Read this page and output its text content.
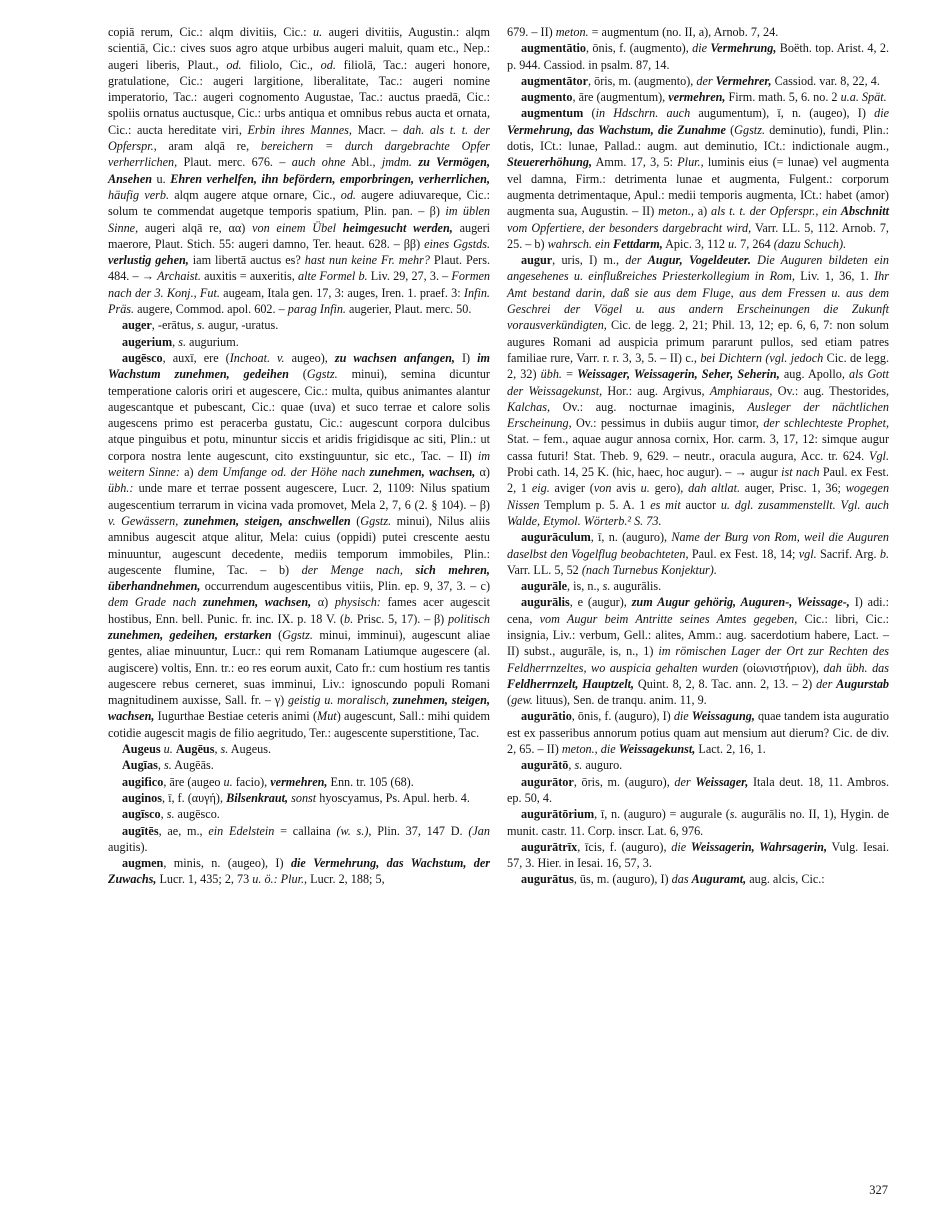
copiā rerum, Cic.: alqm divitiis, Cic.: u. augeri divitiis, Augustin.: alqm scientiā, Cic.: cives suos agro atque urbibus augeri maluit, quam etc., Nep.: augeri liberis, Plaut., od. filiolo, Cic., od. filiolā, Tac.: augeri honore, gratulatione, Cic.: augeri largitione, liberalitate, Tac.: augeri nomine imperatorio, Tac.: augeri cognomento Augustae, Tac.: auctus praedā, Cic.: spoliis ornatus auctusque, Cic.: urbs antiqua et omnibus rebus aucta et ornata, Cic.: aucta hereditate viri, Erbin ihres Mannes, Macr. – dah. als t. t. der Opferspr., aram alqā re, bereichern = durch dargebrachte Opfer verherrlichen, Plaut. merc. 676. – auch ohne Abl., jmdm. zu Vermögen, Ansehen u. Ehren verhelfen, ihn befördern, emporbringen, verherrlichen, häufig verb. alqm augere atque ornare, Cic., od. augere adiuvareque, Cic.: solum te commendat augetque temporis spatium, Plin. pan. – β) im üblen Sinne, augeri alqā re, αα) von einem Übel heimgesucht werden, augeri maerore, Plaut. Stich. 55: augeri damno, Ter. heaut. 628. – ββ) eines Ggstds. verlustig gehen, iam libertā auctus es? hast nun keine Fr. mehr? Plaut. Pers. 484. – → Archaist. auxitis = auxeritis, alte Formel b. Liv. 29, 27, 3. – Formen nach der 3. Konj., Fut. augeam, Itala gen. 17, 3: auges, Iren. 1. praef. 3: Infin. Präs. augere, Commod. apol. 602. – parag Infin. augerier, Plaut. merc. 50.

auger, -erātus, s. augur, -uratus.

augerium, s. augurium.

augēsco, auxī, ere (Inchoat. v. augeo), zu wachsen anfangen, I) im Wachstum zunehmen, gedeihen (Ggstz. minui), semina dicuntur temperatione caloris oriri et augescere, Cic.: multa, quibus animantes alantur augescantque et pubescant, Cic.: quae (uva) et suco terrae et calore solis augescens primo est peracerba gustatu, Cic.: augescunt corpora dulcibus atque pinguibus et potu, minuntur siccis et aridis frigidisque ac siti, Plin.: ut corpora nostra lente augescunt, cito exstinguuntur, sic etc., Tac. – II) im weitern Sinne: a) dem Umfange od. der Höhe nach zunehmen, wachsen, α) übh.: unde mare et terrae possent augescere, Lucr. 2, 1109: Nilus spatium augescentium terrarum in vicina vada promovet, Mela 2, 7, 6 (2. § 104). – β) v. Gewässern, zunehmen, steigen, anschwellen (Ggstz. minui), Nilus aliis amnibus augescit atque alitur, Mela: cuius (oppidi) putei crescente aestu minuuntur, augescunt decedente, mediis temporum immobiles, Plin.: augescente flumine, Tac. – b) der Menge nach, sich mehren, überhandnehmen, occurrendum augescentibus vitiis, Plin. ep. 9, 37, 3. – c) dem Grade nach zunehmen, wachsen, α) physisch: fames acer augescit hostibus, Enn. bell. Punic. fr. inc. IX. p. 18 V. (b. Prisc. 5, 17). – β) politisch zunehmen, gedeihen, erstarken (Ggstz. minui, imminui), augescunt aliae gentes, aliae minuuntur, Lucr.: qui rem Romanam Latiumque augescere (al. augiscere) voltis, Enn. tr.: eo res eorum auxit, Cato fr.: cum hostium res tantis augescere rebus cerneret, suas imminui, Liv.: ignoscundo populi Romani magnitudinem auxisse, Sall. fr. – γ) geistig u. moralisch, zunehmen, steigen, wachsen, Iugurthae Bestiae ceteris animi (Mut) augescunt, Sall.: mihi quidem cotidie augescit magis de filio aegritudo, Ter.: augescente superstitione, Tac.

Augeus u. Augēus, s. Augeus.

Augīas, s. Augēās.

augifico, āre (augeo u. facio), vermehren, Enn. tr. 105 (68).

auginos, ī, f. (αυγή), Bilsenkraut, sonst hyoscyamus, Ps. Apul. herb. 4.

augīsco, s. augēsco.

augītēs, ae, m., ein Edelstein = callaina (w. s.), Plin. 37, 147 D. (Jan augitis).

augmen, minis, n. (augeo), I) die Vermehrung, das Wachstum, der Zuwachs, Lucr. 1, 435; 2, 73 u. ö.: Plur., Lucr. 2, 188; 5,

679. – II) meton. = augmentum (no. II, a), Arnob. 7, 24.

augmentātio, ōnis, f. (augmento), die Vermehrung, Boëth. top. Arist. 4, 2. p. 944. Cassiod. in psalm. 87, 14.

augmentātor, ōris, m. (augmento), der Vermehrer, Cassiod. var. 8, 22, 4.

augmento, āre (augmentum), vermehren, Firm. math. 5, 6. no. 2 u.a. Spät.

augmentum (in Hdschrn. auch augumentum), ī, n. (augeo), I) die Vermehrung, das Wachstum, die Zunahme (Ggstz. deminutio), fundi, Plin.: dotis, ICt.: lunae, Pallad.: augm. aut deminutio, ICt.: indictionale augm., Steuererhöhung, Amm. 17, 3, 5: Plur., luminis eius (= lunae) vel augmenta vel damna, Firm.: detrimenta lunae et augmenta, Fulgent.: corporum augmenta detrimentaque, Apul.: medii temporis augmenta, ICt.: habet (amor) augmenta sua, Augustin. – II) meton., a) als t. t. der Opferspr., ein Abschnitt vom Opfertiere, der besonders dargebracht wird, Varr. LL. 5, 112. Arnob. 7, 25. – b) wahrsch. ein Fettdarm, Apic. 3, 112 u. 7, 264 (dazu Schuch).

augur, uris, I) m., der Augur, Vogeldeuter. Die Auguren bildeten ein angesehenes u. einflußreiches Priesterkollegium in Rom, Liv. 1, 36, 1. Ihr Amt bestand darin, daß sie aus dem Fluge, aus dem Fressen u. aus dem Geschrei der Vögel u. aus andern Erscheinungen die Zukunft vorausverkündigten, Cic. de legg. 2, 21; Phil. 13, 12; ep. 6, 6, 7: non solum augures Romani ad auspicia primum pararunt pullos, sed etiam patres familiae rure, Varr. r. r. 3, 3, 5. – II) c., bei Dichtern (vgl. jedoch Cic. de legg. 2, 32) übh. = Weissager, Weissagerin, Seher, Seherin, aug. Apollo, als Gott der Weissagekunst, Hor.: aug. Argivus, Amphiaraus, Ov.: aug. Thestorides, Kalchas, Ov.: aug. nocturnae imaginis, Ausleger der nächtlichen Erscheinung, Ov.: pessimus in dubiis augur timor, der schlechteste Prophet, Stat. – fem., aquae augur annosa cornix, Hor. carm. 3, 17, 12: simque augur cassa futuri! Stat. Theb. 9, 629. – neutr., oracula augura, Acc. tr. 624. Vgl. Probi cath. 14, 25 K. (hic, haec, hoc augur). – → augur ist nach Paul. ex Fest. 2, 1 eig. aviger (von avis u. gero), dah altlat. auger, Prisc. 1, 36; wogegen Nissen Templum p. 5. A. 1 es mit auctor u. dgl. zusammenstellt. Vgl. auch Walde, Etymol. Wörterb.² S. 73.

augurāculum, ī, n. (auguro), Name der Burg von Rom, weil die Auguren daselbst den Vogelflug beobachteten, Paul. ex Fest. 18, 14; vgl. Sacrif. Arg. b. Varr. LL. 5, 52 (nach Turnebus Konjektur).

augurāle, is, n., s. augurālis.

augurālis, e (augur), zum Augur gehörig, Auguren-, Weissage-, I) adi.: cena, vom Augur beim Antritte seines Amtes gegeben, Cic.: libri, Cic.: insignia, Liv.: verbum, Gell.: alites, Amm.: aug. sacerdotium habere, Lact. – II) subst., augurāle, is, n., 1) im römischen Lager der Ort zur Rechten des Feldherrnzeltes, wo auspicia gehalten wurden (οἰωνιστήριον), dah übh. das Feldherrnzelt, Hauptzelt, Quint. 8, 2, 8. Tac. ann. 2, 13. – 2) der Augurstab (gew. lituus), Sen. de tranqu. anim. 11, 9.

augurātio, ōnis, f. (auguro), I) die Weissagung, quae tandem ista auguratio est ex passeribus annorum potius quam aut mensium aut dierum? Cic. de div. 2, 65. – II) meton., die Weissagekunst, Lact. 2, 16, 1.

augurātō, s. auguro.

augurātor, ōris, m. (auguro), der Weissager, Itala deut. 18, 11. Ambros. ep. 50, 4.

augurātōrium, ī, n. (auguro) = augurale (s. augurālis no. II, 1), Hygin. de munit. castr. 11. Corp. inscr. Lat. 6, 976.

augurātrīx, īcis, f. (auguro), die Weissagerin, Wahrsagerin, Vulg. Iesai. 57, 3. Hier. in Iesai. 16, 57, 3.

augurātus, ūs, m. (auguro), I) das Auguramt, aug. alcis, Cic.:

327
